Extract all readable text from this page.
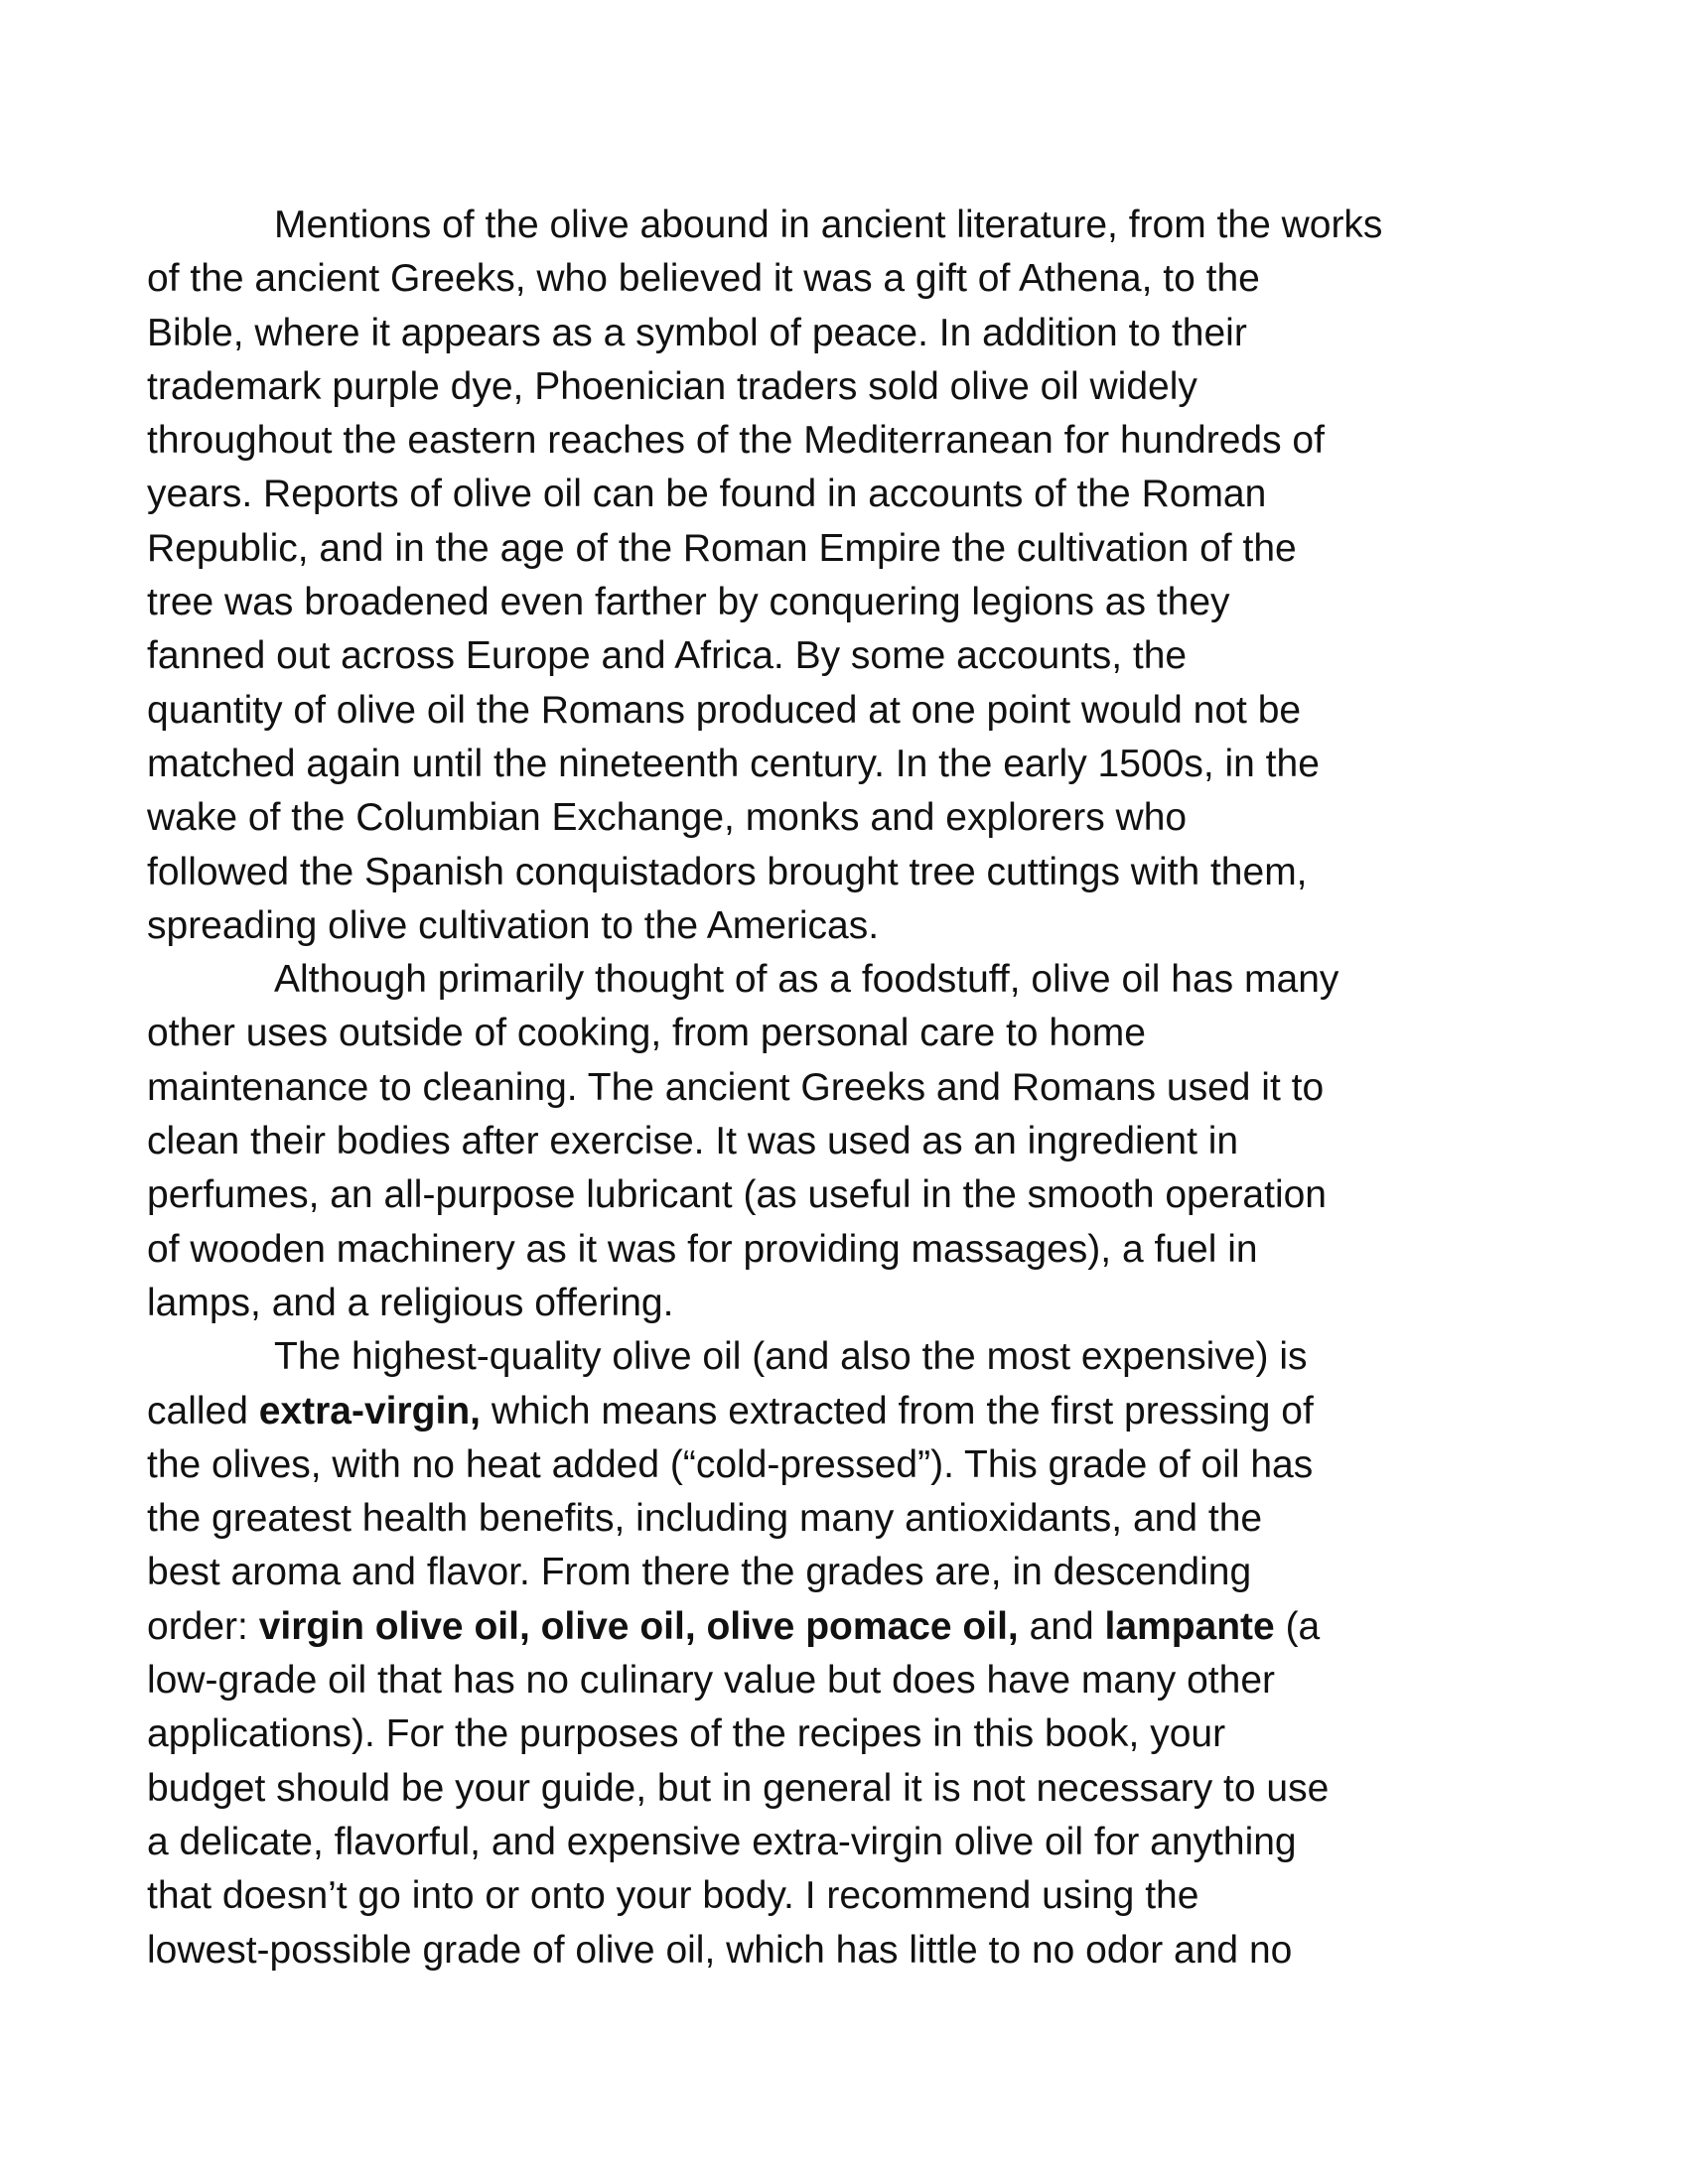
Mentions of the olive abound in ancient literature, from the works
of the ancient Greeks, who believed it was a gift of Athena, to the
Bible, where it appears as a symbol of peace. In addition to their
trademark purple dye, Phoenician traders sold olive oil widely
throughout the eastern reaches of the Mediterranean for hundreds of
years. Reports of olive oil can be found in accounts of the Roman
Republic, and in the age of the Roman Empire the cultivation of the
tree was broadened even farther by conquering legions as they
fanned out across Europe and Africa. By some accounts, the
quantity of olive oil the Romans produced at one point would not be
matched again until the nineteenth century. In the early 1500s, in the
wake of the Columbian Exchange, monks and explorers who
followed the Spanish conquistadors brought tree cuttings with them,
spreading olive cultivation to the Americas.
Although primarily thought of as a foodstuff, olive oil has many
other uses outside of cooking, from personal care to home
maintenance to cleaning. The ancient Greeks and Romans used it to
clean their bodies after exercise. It was used as an ingredient in
perfumes, an all-purpose lubricant (as useful in the smooth operation
of wooden machinery as it was for providing massages), a fuel in
lamps, and a religious offering.
The highest-quality olive oil (and also the most expensive) is
called extra-virgin, which means extracted from the first pressing of
the olives, with no heat added (“cold-pressed”). This grade of oil has
the greatest health benefits, including many antioxidants, and the
best aroma and flavor. From there the grades are, in descending
order: virgin olive oil, olive oil, olive pomace oil, and lampante (a
low-grade oil that has no culinary value but does have many other
applications). For the purposes of the recipes in this book, your
budget should be your guide, but in general it is not necessary to use
a delicate, flavorful, and expensive extra-virgin olive oil for anything
that doesn’t go into or onto your body. I recommend using the
lowest-possible grade of olive oil, which has little to no odor and no
